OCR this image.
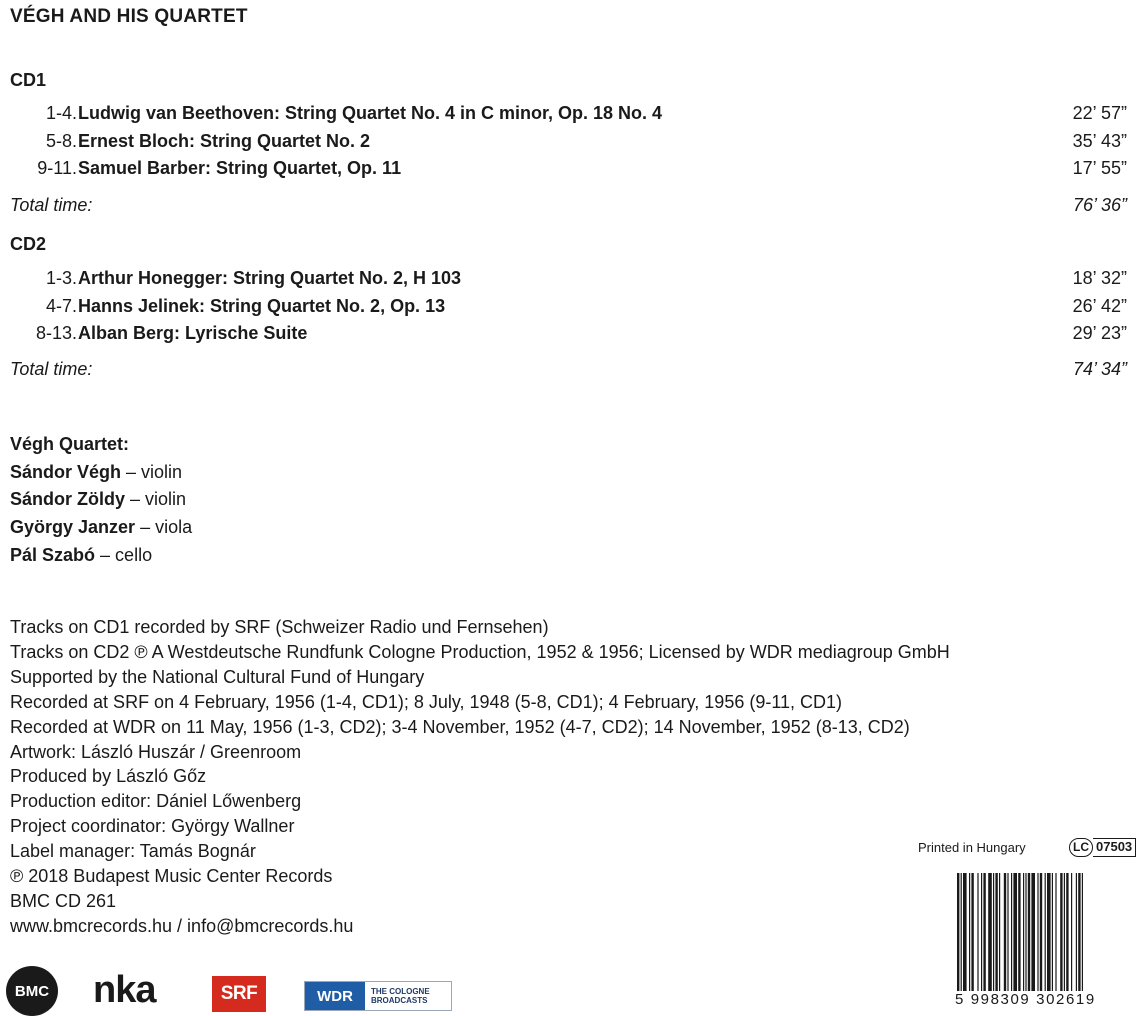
VÉGH AND HIS QUARTET
CD1
1-4. Ludwig van Beethoven: String Quartet No. 4 in C minor, Op. 18 No. 4	22’ 57”
5-8. Ernest Bloch: String Quartet No. 2	35’ 43”
9-11. Samuel Barber: String Quartet, Op. 11	17’ 55”
Total time:	76’ 36”
CD2
1-3. Arthur Honegger: String Quartet No. 2, H 103	18’ 32”
4-7. Hanns Jelinek: String Quartet No. 2, Op. 13	26’ 42”
8-13. Alban Berg: Lyrische Suite	29’ 23”
Total time:	74’ 34”
Végh Quartet:
Sándor Végh – violin
Sándor Zöldy – violin
György Janzer – viola
Pál Szabó – cello
Tracks on CD1 recorded by SRF (Schweizer Radio und Fernsehen)
Tracks on CD2 ℗ A Westdeutsche Rundfunk Cologne Production, 1952 & 1956; Licensed by WDR mediagroup GmbH
Supported by the National Cultural Fund of Hungary
Recorded at SRF on 4 February, 1956 (1-4, CD1); 8 July, 1948 (5-8, CD1); 4 February, 1956 (9-11, CD1)
Recorded at WDR on 11 May, 1956 (1-3, CD2); 3-4 November, 1952 (4-7, CD2); 14 November, 1952 (8-13, CD2)
Artwork: László Huszár / Greenroom
Produced by László Gőz
Production editor: Dániel Lőwenberg
Project coordinator: György Wallner
Label manager: Tamás Bognár
℗ 2018 Budapest Music Center Records
BMC CD 261
www.bmcrecords.hu / info@bmcrecords.hu
Printed in Hungary	LC 07503
5 998309 302619
BMC nka	SRF	WDR	THE COLOGNE
BROADCASTS
